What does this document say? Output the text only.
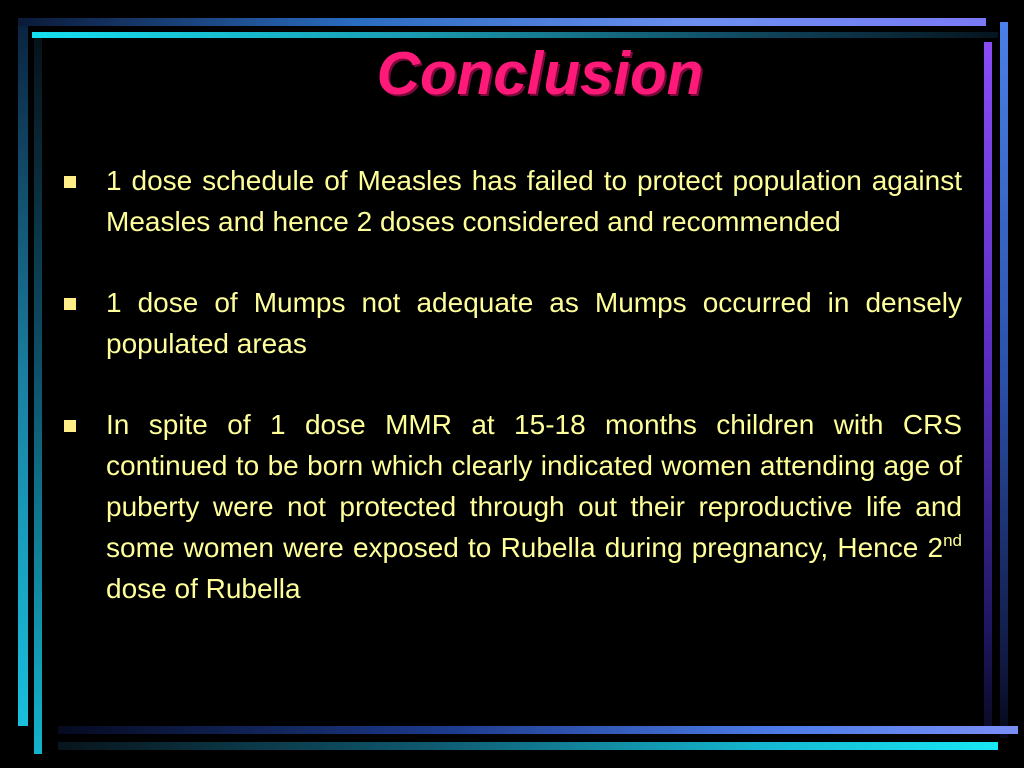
Conclusion
1 dose schedule of Measles has failed to protect population against Measles and hence 2 doses considered and recommended
1 dose of Mumps not adequate as Mumps occurred in densely populated areas
In spite of 1 dose MMR at 15-18 months children with CRS continued to be born which clearly indicated women attending age of puberty were not protected through out their reproductive life and some women were exposed to Rubella during pregnancy, Hence 2nd dose of Rubella
